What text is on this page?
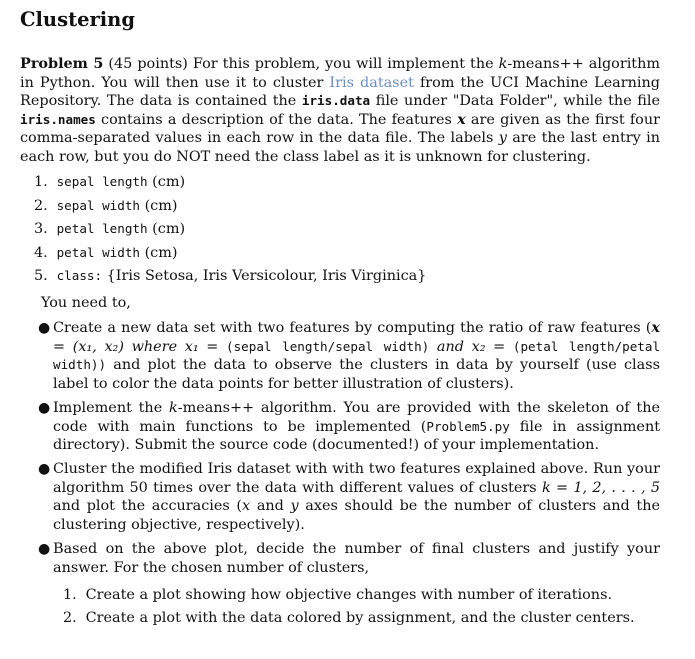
Clustering

Problem 5 (45 points) For this problem, you will implement the k-means++ algorithm in Python. You will then use it to cluster Iris dataset from the UCI Machine Learning Repository. The data is contained the iris.data file under "Data Folder", while the file iris.names contains a description of the data. The features x are given as the first four comma-separated values in each row in the data file. The labels y are the last entry in each row, but you do NOT need the class label as it is unknown for clustering.

1. sepal length (cm)
2. sepal width (cm)
3. petal length (cm)
4. petal width (cm)
5. class: {Iris Setosa, Iris Versicolour, Iris Virginica}

You need to,

● Create a new data set with two features by computing the ratio of raw features (x = (x₁, x₂) where x₁ = (sepal length/sepal width) and x₂ = (petal length/petal width)) and plot the data to observe the clusters in data by yourself (use class label to color the data points for better illustration of clusters).
● Implement the k-means++ algorithm. You are provided with the skeleton of the code with main functions to be implemented (Problem5.py file in assignment directory). Submit the source code (documented!) of your implementation.
● Cluster the modified Iris dataset with with two features explained above. Run your algorithm 50 times over the data with different values of clusters k = 1, 2, . . . , 5 and plot the accuracies (x and y axes should be the number of clusters and the clustering objective, respectively).
● Based on the above plot, decide the number of final clusters and justify your answer. For the chosen number of clusters,
1. Create a plot showing how objective changes with number of iterations.
2. Create a plot with the data colored by assignment, and the cluster centers.
